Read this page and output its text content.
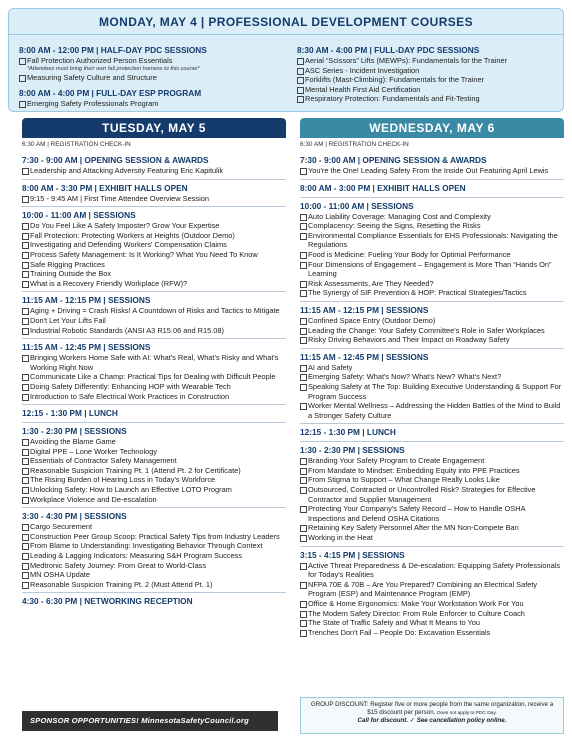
MONDAY, MAY 4 | PROFESSIONAL DEVELOPMENT COURSES
8:00 AM - 12:00 PM | HALF-DAY PDC SESSIONS
Fall Protection Authorized Person Essentials
*Attendees must bring their own fall protection harness to this course*
Measuring Safety Culture and Structure
8:00 AM - 4:00 PM | FULL-DAY ESP PROGRAM
Emerging Safety Professionals Program
8:30 AM - 4:00 PM | FULL-DAY PDC SESSIONS
Aerial “Scissors” Lifts (MEWPs): Fundamentals for the Trainer
ASC Series - Incident Investigation
Forklifts (Mast-Climbing): Fundamentals for the Trainer
Mental Health First Aid Certification
Respiratory Protection: Fundamentals and Fit-Testing
TUESDAY, MAY 5
6:30 AM | REGISTRATION CHECK-IN
7:30 - 9:00 AM | OPENING SESSION & AWARDS
Leadership and Attacking Adversity Featuring Eric Kapitulik
8:00 AM - 3:30 PM | EXHIBIT HALLS OPEN
9:15 - 9:45 AM | First Time Attendee Overview Session
10:00 - 11:00 AM | SESSIONS
Do You Feel Like A Safety Imposter? Grow Your Expertise
Fall Protection: Protecting Workers at Heights (Outdoor Demo)
Investigating and Defending Workers' Compensation Claims
Process Safety Management: Is It Working? What You Need To Know
Safe Rigging Practices
Training Outside the Box
What is a Recovery Friendly Workplace (RFW)?
11:15 AM - 12:15 PM | SESSIONS
Aging + Driving = Crash Risks! A Countdown of Risks and Tactics to Mitigate
Don't Let Your Lifts Fail
Industrial Robotic Standards (ANSI A3 R15.06 and R15.08)
11:15 AM - 12:45 PM | SESSIONS
Bringing Workers Home Safe with AI: What's Real, What's Risky and What's Working Right Now
Communicate Like a Champ: Practical Tips for Dealing with Difficult People
Doing Safety Differently: Enhancing HOP with Wearable Tech
Introduction to Safe Electrical Work Practices in Construction
12:15 - 1:30 PM | LUNCH
1:30 - 2:30 PM | SESSIONS
Avoiding the Blame Game
Digital PPE – Lone Worker Technology
Essentials of Contractor Safety Management
Reasonable Suspicion Training Pt. 1 (Attend Pt. 2 for Certificate)
The Rising Burden of Hearing Loss in Today's Workforce
Unlocking Safety: How to Launch an Effective LOTO Program
Workplace Violence and De-escalation
3:30 - 4:30 PM | SESSIONS
Cargo Securement
Construction Peer Group Scoop: Practical Safety Tips from Industry Leaders
From Blame to Understanding: Investigating Behavior Through Context
Leading & Lagging Indicators: Measuring S&H Program Success
Medtronic Safety Journey: From Great to World-Class
MN OSHA Update
Reasonable Suspicion Training Pt. 2 (Must Attend Pt. 1)
4:30 - 6:30 PM | NETWORKING RECEPTION
WEDNESDAY, MAY 6
6:30 AM | REGISTRATION CHECK-IN
7:30 - 9:00 AM | OPENING SESSION & AWARDS
You're the One! Leading Safety From the Inside Out Featuring April Lewis
8:00 AM - 3:00 PM | EXHIBIT HALLS OPEN
10:00 - 11:00 AM | SESSIONS
Auto Liability Coverage: Managing Cost and Complexity
Complacency: Seeing the Signs, Resetting the Risks
Environmental Compliance Essentials for EHS Professionals: Navigating the Regulations
Food is Medicine: Fueling Your Body for Optimal Performance
Four Dimensions of Engagement – Engagement is More Than “Hands On” Learning
Risk Assessments, Are They Needed?
The Synergy of SIF Prevention & HOP: Practical Strategies/Tactics
11:15 AM - 12:15 PM | SESSIONS
Confined Space Entry (Outdoor Demo)
Leading the Change: Your Safety Committee's Role in Safer Workplaces
Risky Driving Behaviors and Their Impact on Roadway Safety
11:15 AM - 12:45 PM | SESSIONS
AI and Safety
Emerging Safety: What's Now? What's New? What's Next?
Speaking Safety at The Top: Building Executive Understanding & Support For Program Success
Worker Mental Wellness – Addressing the Hidden Battles of the Mind to Build a Stronger Safety Culture
12:15 - 1:30 PM | LUNCH
1:30 - 2:30 PM | SESSIONS
Branding Your Safety Program to Create Engagement
From Mandate to Mindset: Embedding Equity into PPE Practices
From Stigma to Support – What Change Really Looks Like
Outsourced, Contracted or Uncontrolled Risk? Strategies for Effective Contractor and Supplier Management
Protecting Your Company's Safety Record – How to Handle OSHA Inspections and Defend OSHA Citations
Retaining Key Safety Personnel After the MN Non-Compete Ban
Working in the Heat
3:15 - 4:15 PM | SESSIONS
Active Threat Preparedness & De-escalation: Equipping Safety Professionals for Today's Realities
NFPA 70E & 70B – Are You Prepared? Combining an Electrical Safety Program (ESP) and Maintenance Program (EMP)
Office & Home Ergonomics: Make Your Workstation Work For You
The Modern Safety Director: From Rule Enforcer to Culture Coach
The State of Traffic Safety and What It Means to You
Trenches Don't Fail – People Do: Excavation Essentials
SPONSOR OPPORTUNITIES! MinnesotaSafetyCouncil.org
GROUP DISCOUNT: Register five or more people from the same organization, receive a $15 discount per person. Does not apply to PDC Day.
Call for discount. ✓ See cancellation policy online.
